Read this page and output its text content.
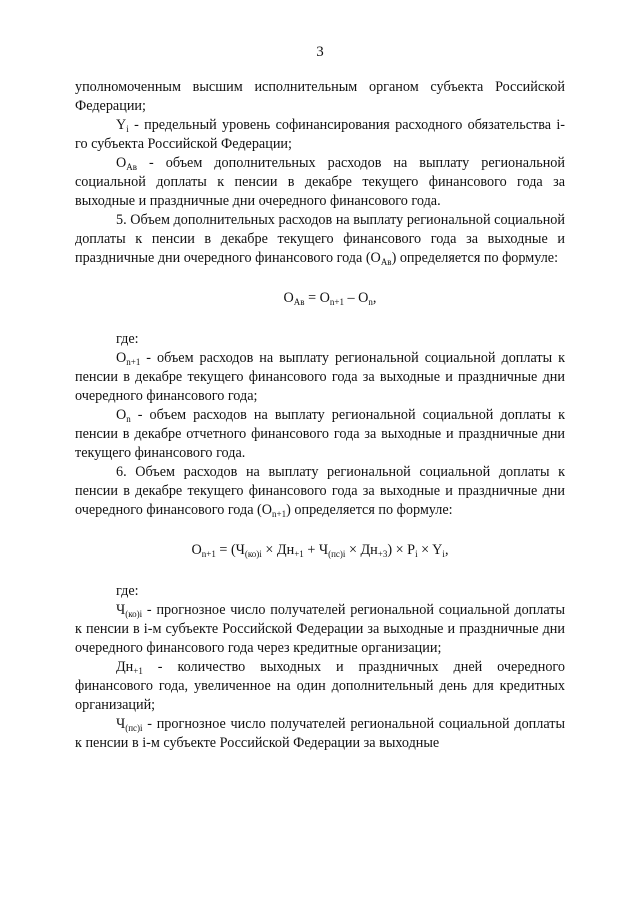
3

уполномоченным высшим исполнительным органом субъекта Российской Федерации;

$Y_i$ - предельный уровень софинансирования расходного обязательства i-го субъекта Российской Федерации;

$О_{Ав}$ - объем дополнительных расходов на выплату региональной социальной доплаты к пенсии в декабре текущего финансового года за выходные и праздничные дни очередного финансового года.

5. Объем дополнительных расходов на выплату региональной социальной доплаты к пенсии в декабре текущего финансового года за выходные и праздничные дни очередного финансового года $(О_{Ав})$ определяется по формуле:

$О_{Ав} = О_{n+1} - О_n$,

где:

$О_{n+1}$ - объем расходов на выплату региональной социальной доплаты к пенсии в декабре текущего финансового года за выходные и праздничные дни очередного финансового года;

$О_n$ - объем расходов на выплату региональной социальной доплаты к пенсии в декабре отчетного финансового года за выходные и праздничные дни текущего финансового года.

6. Объем расходов на выплату региональной социальной доплаты к пенсии в декабре текущего финансового года за выходные и праздничные дни очередного финансового года $(О_{n+1})$ определяется по формуле:

$О_{n+1} = (Ч_{(ко)i} \times Дн_{+1} + Ч_{(пс)i} \times Дн_{+3}) \times P_i \times Y_i$,

где:

$Ч_{(ко)i}$ - прогнозное число получателей региональной социальной доплаты к пенсии в i-м субъекте Российской Федерации за выходные и праздничные дни очередного финансового года через кредитные организации;

$Дн_{+1}$ - количество выходных и праздничных дней очередного финансового года, увеличенное на один дополнительный день для кредитных организаций;

$Ч_{(пс)i}$ - прогнозное число получателей региональной социальной доплаты к пенсии в i-м субъекте Российской Федерации за выходные
